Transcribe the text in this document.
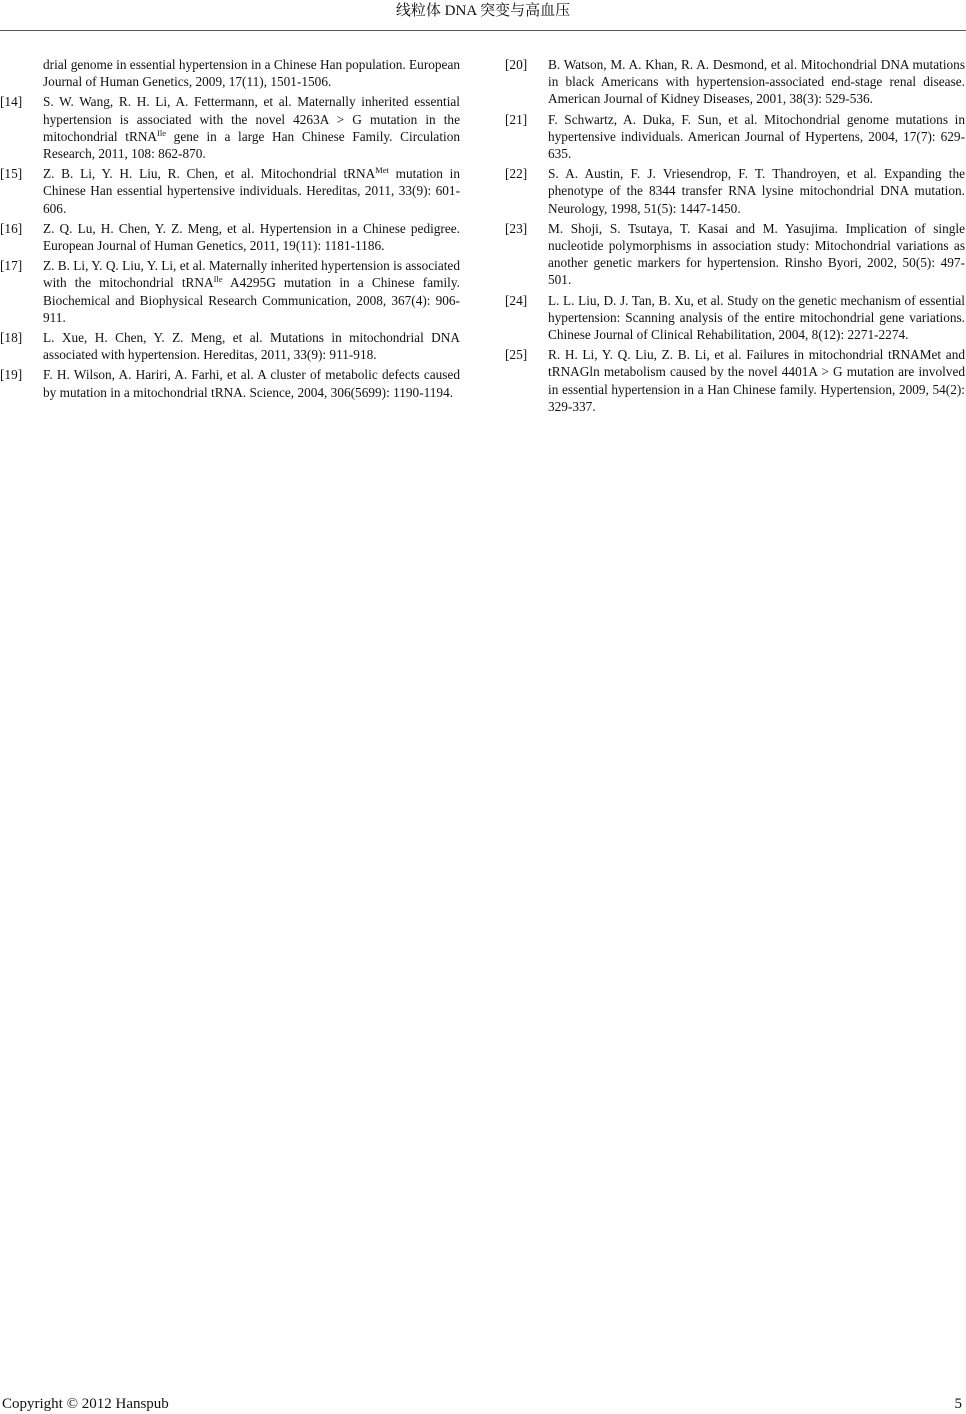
线粒体 DNA 突变与高血压

drial genome in essential hypertension in a Chinese Han population. European Journal of Human Genetics, 2009, 17(11), 1501-1506.

[14] S. W. Wang, R. H. Li, A. Fettermann, et al. Maternally inherited essential hypertension is associated with the novel 4263A > G mutation in the mitochondrial tRNA$^{Ile}$ gene in a large Han Chinese Family. Circulation Research, 2011, 108: 862-870.

[15] Z. B. Li, Y. H. Liu, R. Chen, et al. Mitochondrial tRNA$^{Met}$ mutation in Chinese Han essential hypertensive individuals. Hereditas, 2011, 33(9): 601-606.

[16] Z. Q. Lu, H. Chen, Y. Z. Meng, et al. Hypertension in a Chinese pedigree. European Journal of Human Genetics, 2011, 19(11): 1181-1186.

[17] Z. B. Li, Y. Q. Liu, Y. Li, et al. Maternally inherited hypertension is associated with the mitochondrial tRNA$^{Ile}$ A4295G mutation in a Chinese family. Biochemical and Biophysical Research Communication, 2008, 367(4): 906-911.

[18] L. Xue, H. Chen, Y. Z. Meng, et al. Mutations in mitochondrial DNA associated with hypertension. Hereditas, 2011, 33(9): 911-918.

[19] F. H. Wilson, A. Hariri, A. Farhi, et al. A cluster of metabolic defects caused by mutation in a mitochondrial tRNA. Science, 2004, 306(5699): 1190-1194.

[20] B. Watson, M. A. Khan, R. A. Desmond, et al. Mitochondrial DNA mutations in black Americans with hypertension-associated end-stage renal disease. American Journal of Kidney Diseases, 2001, 38(3): 529-536.

[21] F. Schwartz, A. Duka, F. Sun, et al. Mitochondrial genome mutations in hypertensive individuals. American Journal of Hypertens, 2004, 17(7): 629-635.

[22] S. A. Austin, F. J. Vriesendrop, F. T. Thandroyen, et al. Expanding the phenotype of the 8344 transfer RNA lysine mitochondrial DNA mutation. Neurology, 1998, 51(5): 1447-1450.

[23] M. Shoji, S. Tsutaya, T. Kasai and M. Yasujima. Implication of single nucleotide polymorphisms in association study: Mitochondrial variations as another genetic markers for hypertension. Rinsho Byori, 2002, 50(5): 497-501.

[24] L. L. Liu, D. J. Tan, B. Xu, et al. Study on the genetic mechanism of essential hypertension: Scanning analysis of the entire mitochondrial gene variations. Chinese Journal of Clinical Rehabilitation, 2004, 8(12): 2271-2274.

[25] R. H. Li, Y. Q. Liu, Z. B. Li, et al. Failures in mitochondrial tRNAMet and tRNAGln metabolism caused by the novel 4401A > G mutation are involved in essential hypertension in a Han Chinese family. Hypertension, 2009, 54(2): 329-337.

Copyright © 2012 Hanspub	5
